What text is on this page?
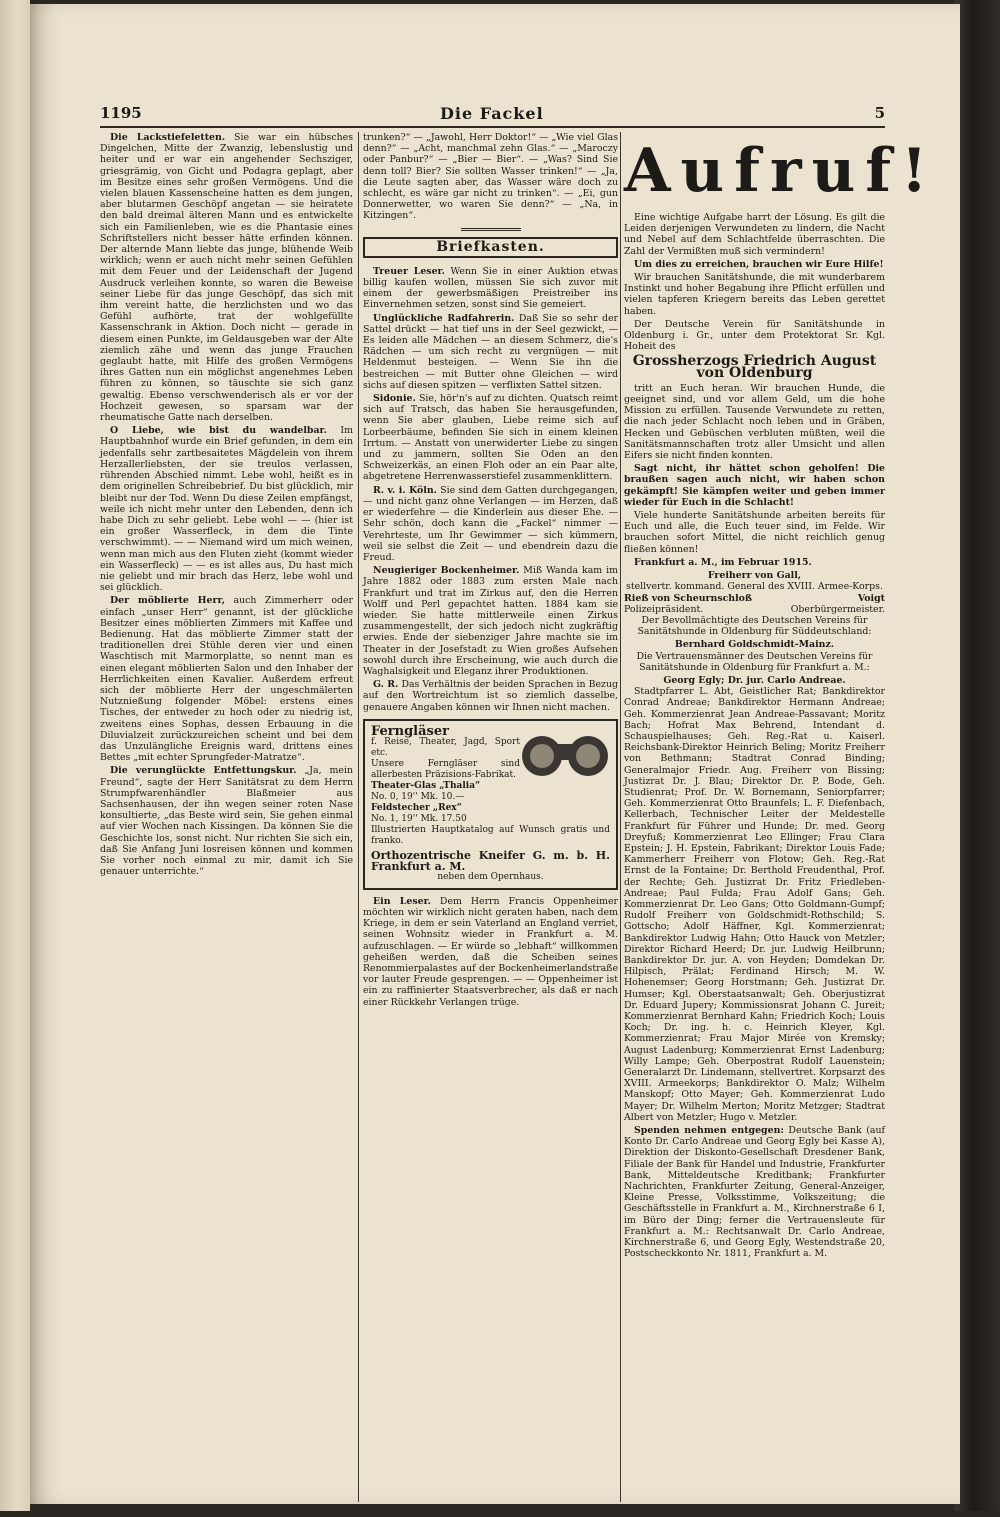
1195	Die Fackel	5

Die Lackstiefeletten. Sie war ein hübsches Dingelchen, Mitte der Zwanzig, lebenslustig und heiter und er war ein angehender Sechsziger, griesgrämig, von Gicht und Podagra geplagt, aber im Besitze eines sehr großen Vermögens. Und die vielen blauen Kassenscheine hatten es dem jungen, aber blutarmen Geschöpf angetan — sie heiratete den bald dreimal älteren Mann und es entwickelte sich ein Familienleben, wie es die Phantasie eines Schriftstellers nicht besser hätte erfinden können. Der alternde Mann liebte das junge, blühende Weib wirklich; wenn er auch nicht mehr seinen Gefühlen mit dem Feuer und der Leidenschaft der Jugend Ausdruck verleihen konnte, so waren die Beweise seiner Liebe für das junge Geschöpf, das sich mit ihm vereint hatte, die herzlichsten und wo das Gefühl aufhörte, trat der wohlgefüllte Kassenschrank in Aktion. Doch nicht — gerade in diesem einen Punkte, im Geldausgeben war der Alte ziemlich zähe und wenn das junge Frauchen geglaubt hatte, mit Hilfe des großen Vermögens ihres Gatten nun ein möglichst angenehmes Leben führen zu können, so täuschte sie sich ganz gewaltig. Ebenso verschwenderisch als er vor der Hochzeit gewesen, so sparsam war der rheumatische Gatte nach derselben.

O Liebe, wie bist du wandelbar. Im Hauptbahnhof wurde ein Brief gefunden, in dem ein jedenfalls sehr zartbesaitetes Mägdelein von ihrem Herzallerliebsten, der sie treulos verlassen, rührenden Abschied nimmt. Lebe wohl, heißt es in dem originellen Schreibebrief. Du bist glücklich, mir bleibt nur der Tod. Wenn Du diese Zeilen empfängst, weile ich nicht mehr unter den Lebenden, denn ich habe Dich zu sehr geliebt. Lebe wohl — — (hier ist ein großer Wasserfleck, in dem die Tinte verschwimmt). — — Niemand wird um mich weinen, wenn man mich aus den Fluten zieht (kommt wieder ein Wasserfleck) — — es ist alles aus, Du hast mich nie geliebt und mir brach das Herz, lebe wohl und sei glücklich.

Der möblierte Herr, auch Zimmerherr oder einfach „unser Herr“ genannt, ist der glückliche Besitzer eines möblierten Zimmers mit Kaffee und Bedienung. Hat das möblierte Zimmer statt der traditionellen drei Stühle deren vier und einen Waschtisch mit Marmorplatte, so nennt man es einen elegant möblierten Salon und den Inhaber der Herrlichkeiten einen Kavalier. Außerdem erfreut sich der möblierte Herr der ungeschmälerten Nutznießung folgender Möbel: erstens eines Tisches, der entweder zu hoch oder zu niedrig ist, zweitens eines Sophas, dessen Erbauung in die Diluvialzeit zurückzureichen scheint und bei dem das Unzulängliche Ereignis ward, drittens eines Bettes „mit echter Sprungfeder-Matratze“.

Die verunglückte Entfettungskur. „Ja, mein Freund“, sagte der Herr Sanitätsrat zu dem Herrn Strumpfwarenhändler Blaßmeier aus Sachsenhausen, der ihn wegen seiner roten Nase konsultierte, „das Beste wird sein, Sie gehen einmal auf vier Wochen nach Kissingen. Da können Sie die Geschichte los, sonst nicht. Nur richten Sie sich ein, daß Sie Anfang Juni losreisen können und kommen Sie vorher noch einmal zu mir, damit ich Sie genauer unterrichte.“

trunken?“ — „Jawohl, Herr Doktor!“ — „Wie viel Glas denn?“ — „Acht, manchmal zehn Glas.“ — „Maroczy oder Panbur?“ — „Bier — Bier“. — „Was? Sind Sie denn toll? Bier? Sie sollten Wasser trinken!“ — „Ja, die Leute sagten aber, das Wasser wäre doch zu schlecht, es wäre gar nicht zu trinken“. — „Ei, gun Donnerwetter, wo waren Sie denn?“ — „Na, in Kitzingen“.

Briefkasten.

Treuer Leser. Wenn Sie in einer Auktion etwas billig kaufen wollen, müssen Sie sich zuvor mit einem der gewerbsmäßigen Preistreiber ins Einvernehmen setzen, sonst sind Sie gemeiert.

Unglückliche Radfahrerin. Daß Sie so sehr der Sattel drückt — hat tief uns in der Seel gezwickt, — Es leiden alle Mädchen — an diesem Schmerz, die's Rädchen — um sich recht zu vergnügen — mit Heldenmut besteigen. — Wenn Sie ihn die bestreichen — mit Butter ohne Gleichen — wird sichs auf diesen spitzen — verflixten Sattel sitzen.

Sidonie. Sie, hör'n's auf zu dichten. Quatsch reimt sich auf Tratsch, das haben Sie herausgefunden, wenn Sie aber glauben, Liebe reime sich auf Lorbeerbäume, befinden Sie sich in einem kleinen Irrtum. — Anstatt von unerwiderter Liebe zu singen und zu jammern, sollten Sie Oden an den Schweizerkäs, an einen Floh oder an ein Paar alte, abgetretene Herrenwasserstiefel zusammenklittern.

R. v. i. Köln. Sie sind dem Gatten durchgegangen, — und nicht ganz ohne Verlangen — im Herzen, daß er wiederfehre — die Kinderlein aus dieser Ehe. — Sehr schön, doch kann die „Fackel“ nimmer — Verehrteste, um Ihr Gewimmer — sich kümmern, weil sie selbst die Zeit — und ebendrein dazu die Freud.

Neugieriger Bockenheimer. Miß Wanda kam im Jahre 1882 oder 1883 zum ersten Male nach Frankfurt und trat im Zirkus auf, den die Herren Wolff und Perl gepachtet hatten. 1884 kam sie wieder. Sie hatte mittlerweile einen Zirkus zusammengestellt, der sich jedoch nicht zugkräftig erwies. Ende der siebenziger Jahre machte sie im Theater in der Josefstadt zu Wien großes Aufsehen sowohl durch ihre Erscheinung, wie auch durch die Waghalsigkeit und Eleganz ihrer Produktionen.

G. R. Das Verhältnis der beiden Sprachen in Bezug auf den Wortreichtum ist so ziemlich dasselbe, genauere Angaben können wir Ihnen nicht machen.

Ferngläser
f. Reise, Theater, Jagd, Sport etc.
Unsere Ferngläser sind allerbesten Präzisions-Fabrikat.
Theater-Glas „Thalia“
No. 0, 19'' Mk. 10.—
Feldstecher „Rex“
No. 1, 19'' Mk. 17.50
Illustrierten Hauptkatalog auf Wunsch gratis und franko.
Orthozentrische Kneifer G. m. b. H. Frankfurt a. M.
neben dem Opernhaus.

Ein Leser. Dem Herrn Francis Oppenheimer möchten wir wirklich nicht geraten haben, nach dem Kriege, in dem er sein Vaterland an England verriet, seinen Wohnsitz wieder in Frankfurt a. M. aufzuschlagen. — Er würde so „lebhaft“ willkommen geheißen werden, daß die Scheiben seines Renommierpalastes auf der Bockenheimerlandstraße vor lauter Freude gesprengen. — — Oppenheimer ist ein zu raffinierter Staatsverbrecher, als daß er nach einer Rückkehr Verlangen trüge.

Aufruf!

Eine wichtige Aufgabe harrt der Lösung. Es gilt die Leiden derjenigen Verwundeten zu lindern, die Nacht und Nebel auf dem Schlachtfelde überraschten. Die Zahl der Vermißten muß sich vermindern!

Um dies zu erreichen, brauchen wir Eure Hilfe!

Wir brauchen Sanitätshunde, die mit wunderbarem Instinkt und hoher Begabung ihre Pflicht erfüllen und vielen tapferen Kriegern bereits das Leben gerettet haben.

Der Deutsche Verein für Sanitätshunde in Oldenburg i. Gr., unter dem Protektorat Sr. Kgl. Hoheit des

Grossherzogs Friedrich August von Oldenburg

tritt an Euch heran. Wir brauchen Hunde, die geeignet sind, und vor allem Geld, um die hohe Mission zu erfüllen. Tausende Verwundete zu retten, die nach jeder Schlacht noch leben und in Gräben, Hecken und Gebüschen verbluten müßten, weil die Sanitätsmannschaften trotz aller Umsicht und allen Eifers sie nicht finden konnten.

Sagt nicht, ihr hättet schon geholfen! Die braußen sagen auch nicht, wir haben schon gekämpft! Sie kämpfen weiter und geben immer wieder für Euch in die Schlacht!

Viele hunderte Sanitätshunde arbeiten bereits für Euch und alle, die Euch teuer sind, im Felde. Wir brauchen sofort Mittel, die nicht reichlich genug fließen können!

Frankfurt a. M., im Februar 1915.

Freiherr von Gall,
stellvertr. kommand. General des XVIII. Armee-Korps.
Rieß von Scheurnschloß	Voigt
Polizeipräsident.	Oberbürgermeister.

Der Bevollmächtigte des Deutschen Vereins für Sanitätshunde in Oldenburg für Süddeutschland:

Bernhard Goldschmidt-Mainz.

Die Vertrauensmänner des Deutschen Vereins für Sanitätshunde in Oldenburg für Frankfurt a. M.:

Georg Egly; Dr. jur. Carlo Andreae.

Stadtpfarrer L. Abt, Geistlicher Rat; Bankdirektor Conrad Andreae; Bankdirektor Hermann Andreae; Geh. Kommerzienrat Jean Andreae-Passavant; Moritz Bach; Hofrat Max Behrend, Intendant d. Schauspielhauses; Geh. Reg.-Rat u. Kaiserl. Reichsbank-Direktor Heinrich Beling; Moritz Freiherr von Bethmann; Stadtrat Conrad Binding; Generalmajor Friedr. Aug. Freiherr von Bissing; Justizrat Dr. J. Blau; Direktor Dr. P. Bode, Geh. Studienrat; Prof. Dr. W. Bornemann, Seniorpfarrer; Geh. Kommerzienrat Otto Braunfels; L. F. Diefenbach, Kellerbach, Technischer Leiter der Meldestelle Frankfurt für Führer und Hunde; Dr. med. Georg Dreyfuß; Kommerzienrat Leo Ellinger; Frau Clara Epstein; J. H. Epstein, Fabrikant; Direktor Louis Fade; Kammerherr Freiherr von Flotow; Geh. Reg.-Rat Ernst de la Fontaine; Dr. Berthold Freudenthal, Prof. der Rechte; Geh. Justizrat Dr. Fritz Friedleben-Andreae; Paul Fulda; Frau Adolf Gans; Geh. Kommerzienrat Dr. Leo Gans; Otto Goldmann-Gumpf; Rudolf Freiherr von Goldschmidt-Rothschild; S. Gottscho; Adolf Häffner, Kgl. Kommerzienrat; Bankdirektor Ludwig Hahn; Otto Hauck von Metzler; Direktor Richard Heerd; Dr. jur. Ludwig Heilbrunn; Bankdirektor Dr. jur. A. von Heyden; Domdekan Dr. Hilpisch, Prälat; Ferdinand Hirsch; M. W. Hohenemser; Georg Horstmann; Geh. Justizrat Dr. Humser; Kgl. Oberstaatsanwalt; Geh. Oberjustizrat Dr. Eduard Jupery; Kommissionsrat Johann C. Jureit; Kommerzienrat Bernhard Kahn; Friedrich Koch; Louis Koch; Dr. ing. h. c. Heinrich Kleyer, Kgl. Kommerzienrat; Frau Major Mirée von Kremsky; August Ladenburg; Kommerzienrat Ernst Ladenburg; Willy Lampe; Geh. Oberpostrat Rudolf Lauenstein; Generalarzt Dr. Lindemann, stellvertret. Korpsarzt des XVIII. Armeekorps; Bankdirektor O. Malz; Wilhelm Manskopf; Otto Mayer; Geh. Kommerzienrat Ludo Mayer; Dr. Wilhelm Merton; Moritz Metzger; Stadtrat Albert von Metzler; Hugo v. Metzler.

Spenden nehmen entgegen: Deutsche Bank (auf Konto Dr. Carlo Andreae und Georg Egly bei Kasse A), Direktion der Diskonto-Gesellschaft Dresdener Bank, Filiale der Bank für Handel und Industrie, Frankfurter Bank, Mitteldeutsche Kreditbank; Frankfurter Nachrichten, Frankfurter Zeitung, General-Anzeiger, Kleine Presse, Volksstimme, Volkszeitung; die Geschäftsstelle in Frankfurt a. M., Kirchnerstraße 6 I, im Büro der Ding; ferner die Vertrauensleute für Frankfurt a. M.: Rechtsanwalt Dr. Carlo Andreae, Kirchnerstraße 6, und Georg Egly, Westendstraße 20, Postscheckkonto Nr. 1811, Frankfurt a. M.
